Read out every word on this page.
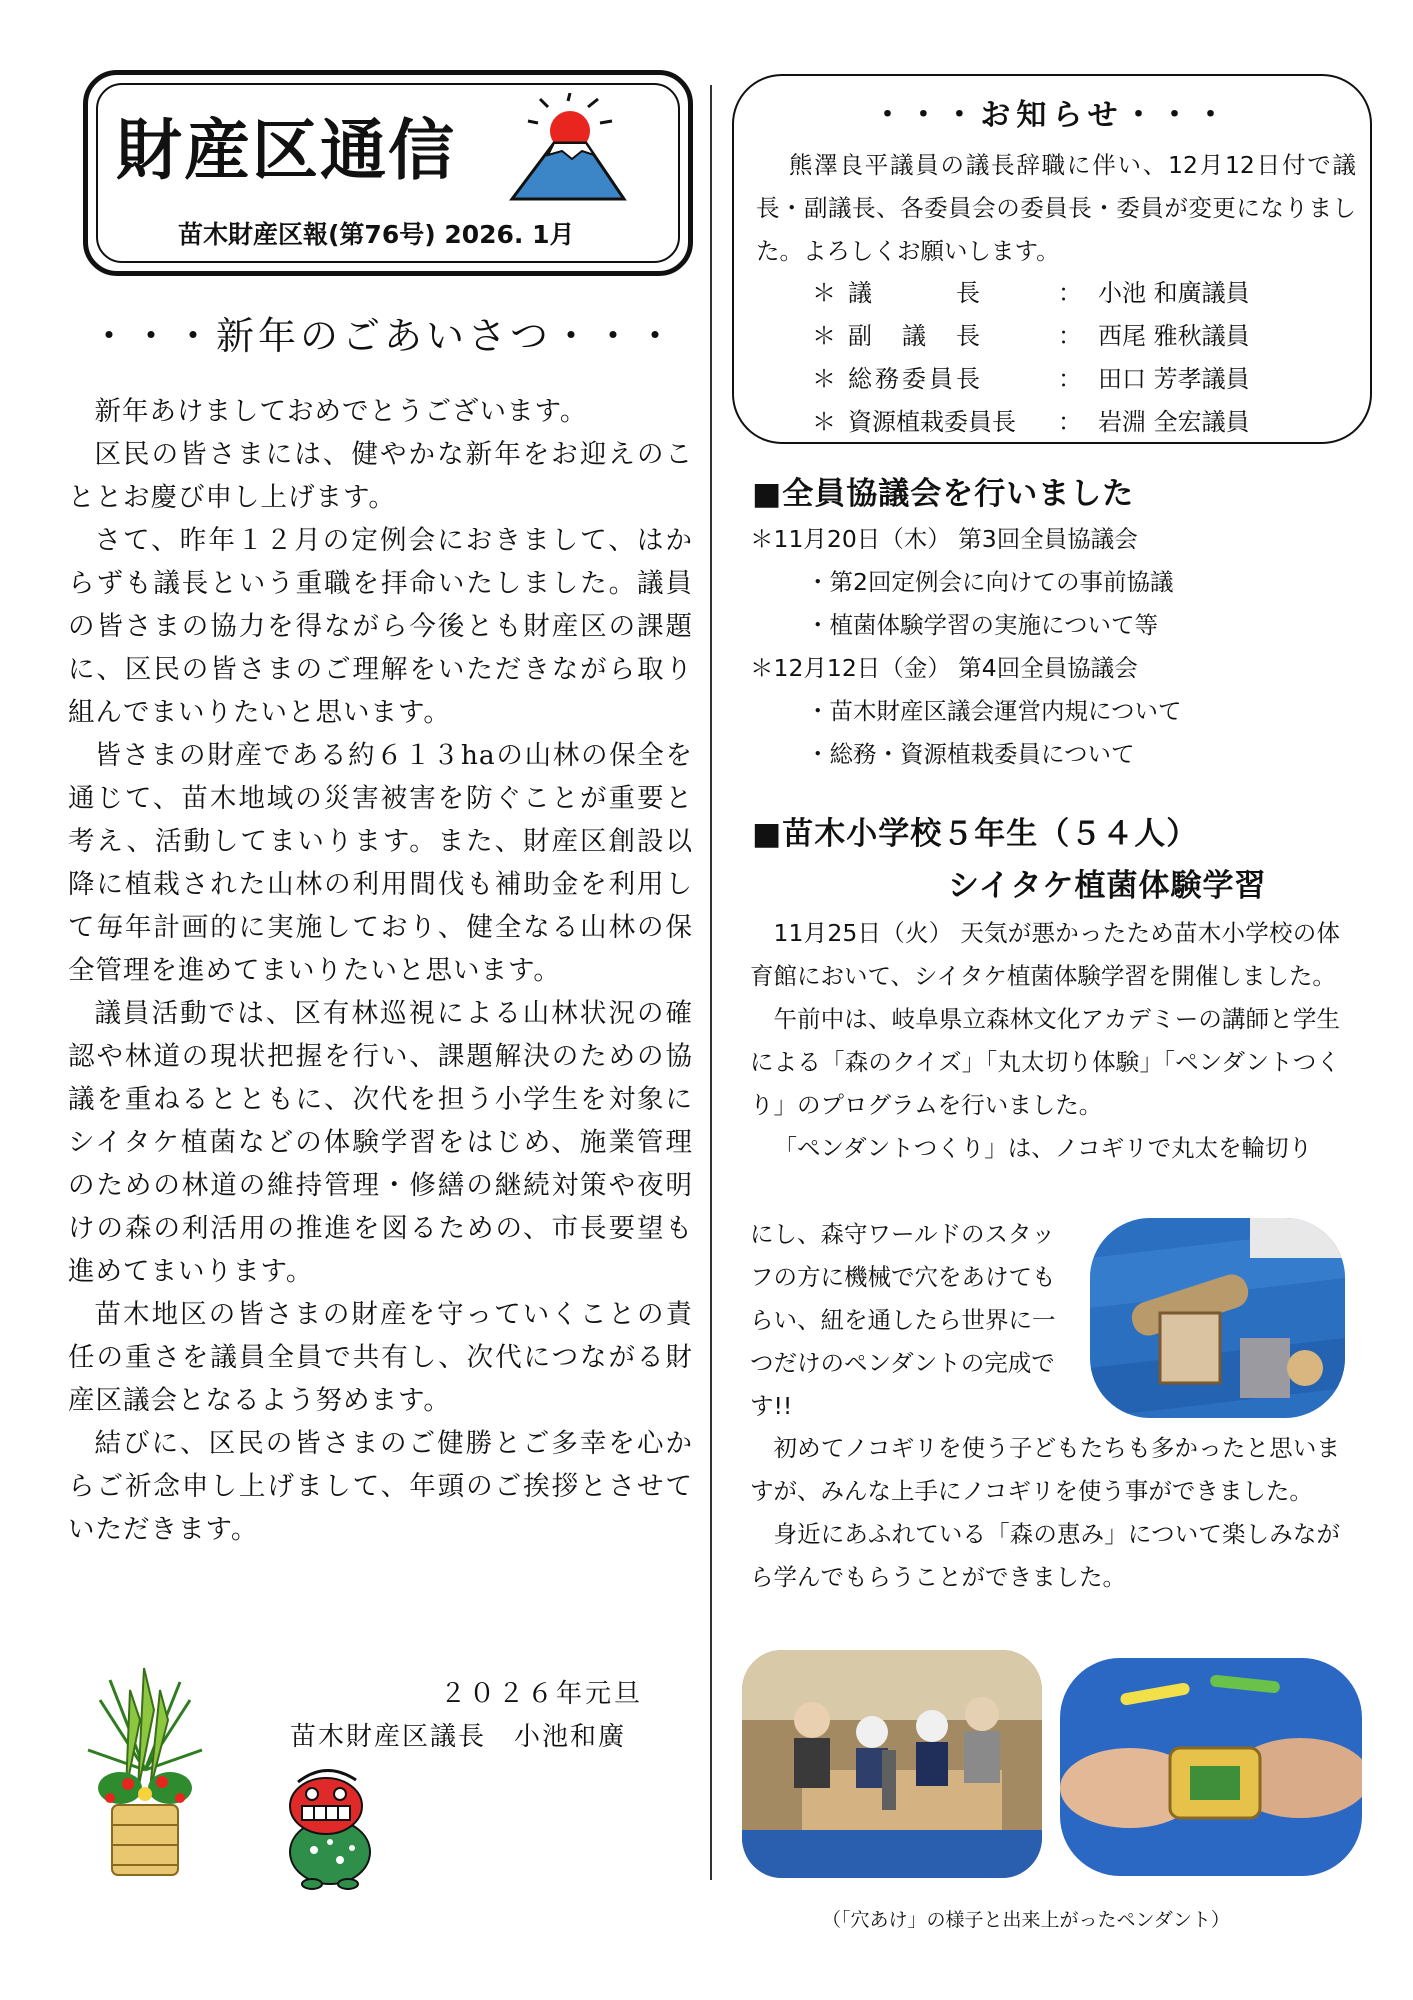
財産区通信
苗木財産区報(第76号) 2026. 1月
・・・新年のごあいさつ・・・

新年あけましておめでとうございます。

区民の皆さまには、健やかな新年をお迎えのこととお慶び申し上げます。

さて、昨年１２月の定例会におきまして、はからずも議長という重職を拝命いたしました。議員の皆さまの協力を得ながら今後とも財産区の課題に、区民の皆さまのご理解をいただきながら取り組んでまいりたいと思います。

皆さまの財産である約６１３haの山林の保全を通じて、苗木地域の災害被害を防ぐことが重要と考え、活動してまいります。また、財産区創設以降に植栽された山林の利用間伐も補助金を利用して毎年計画的に実施しており、健全なる山林の保全管理を進めてまいりたいと思います。

議員活動では、区有林巡視による山林状況の確認や林道の現状把握を行い、課題解決のための協議を重ねるとともに、次代を担う小学生を対象にシイタケ植菌などの体験学習をはじめ、施業管理のための林道の維持管理・修繕の継続対策や夜明けの森の利活用の推進を図るための、市長要望も進めてまいります。

苗木地区の皆さまの財産を守っていくことの責任の重さを議員全員で共有し、次代につながる財産区議会となるよう努めます。

結びに、区民の皆さまのご健勝とご多幸を心からご祈念申し上げまして、年頭のご挨拶とさせていただきます。

２０２６年元旦
苗木財産区議長　小池和廣
・・・お知らせ・・・

熊澤良平議員の議長辞職に伴い、12月12日付で議長・副議長、各委員会の委員長・委員が変更になりました。よろしくお願いします。

＊ 議　　　長	： 小池 和廣議員
＊ 副　議　長	： 西尾 雅秋議員
＊ 総務委員長	： 田口 芳孝議員
＊ 資源植栽委員長	： 岩淵 全宏議員
■全員協議会を行いました
＊11月20日（木） 第3回全員協議会
・第2回定例会に向けての事前協議
・植菌体験学習の実施について等
＊12月12日（金） 第4回全員協議会
・苗木財産区議会運営内規について
・総務・資源植栽委員について
■苗木小学校５年生（５４人）
シイタケ植菌体験学習

11月25日（火） 天気が悪かったため苗木小学校の体育館において、シイタケ植菌体験学習を開催しました。

午前中は、岐阜県立森林文化アカデミーの講師と学生による「森のクイズ」「丸太切り体験」「ペンダントつくり」のプログラムを行いました。

「ペンダントつくり」は、ノコギリで丸太を輪切り

にし、森守ワールドのスタッフの方に機械で穴をあけてもらい、紐を通したら世界に一つだけのペンダントの完成です!!

初めてノコギリを使う子どもたちも多かったと思いますが、みんな上手にノコギリを使う事ができました。

身近にあふれている「森の恵み」について楽しみながら学んでもらうことができました。

（「穴あけ」の様子と出来上がったペンダント）
